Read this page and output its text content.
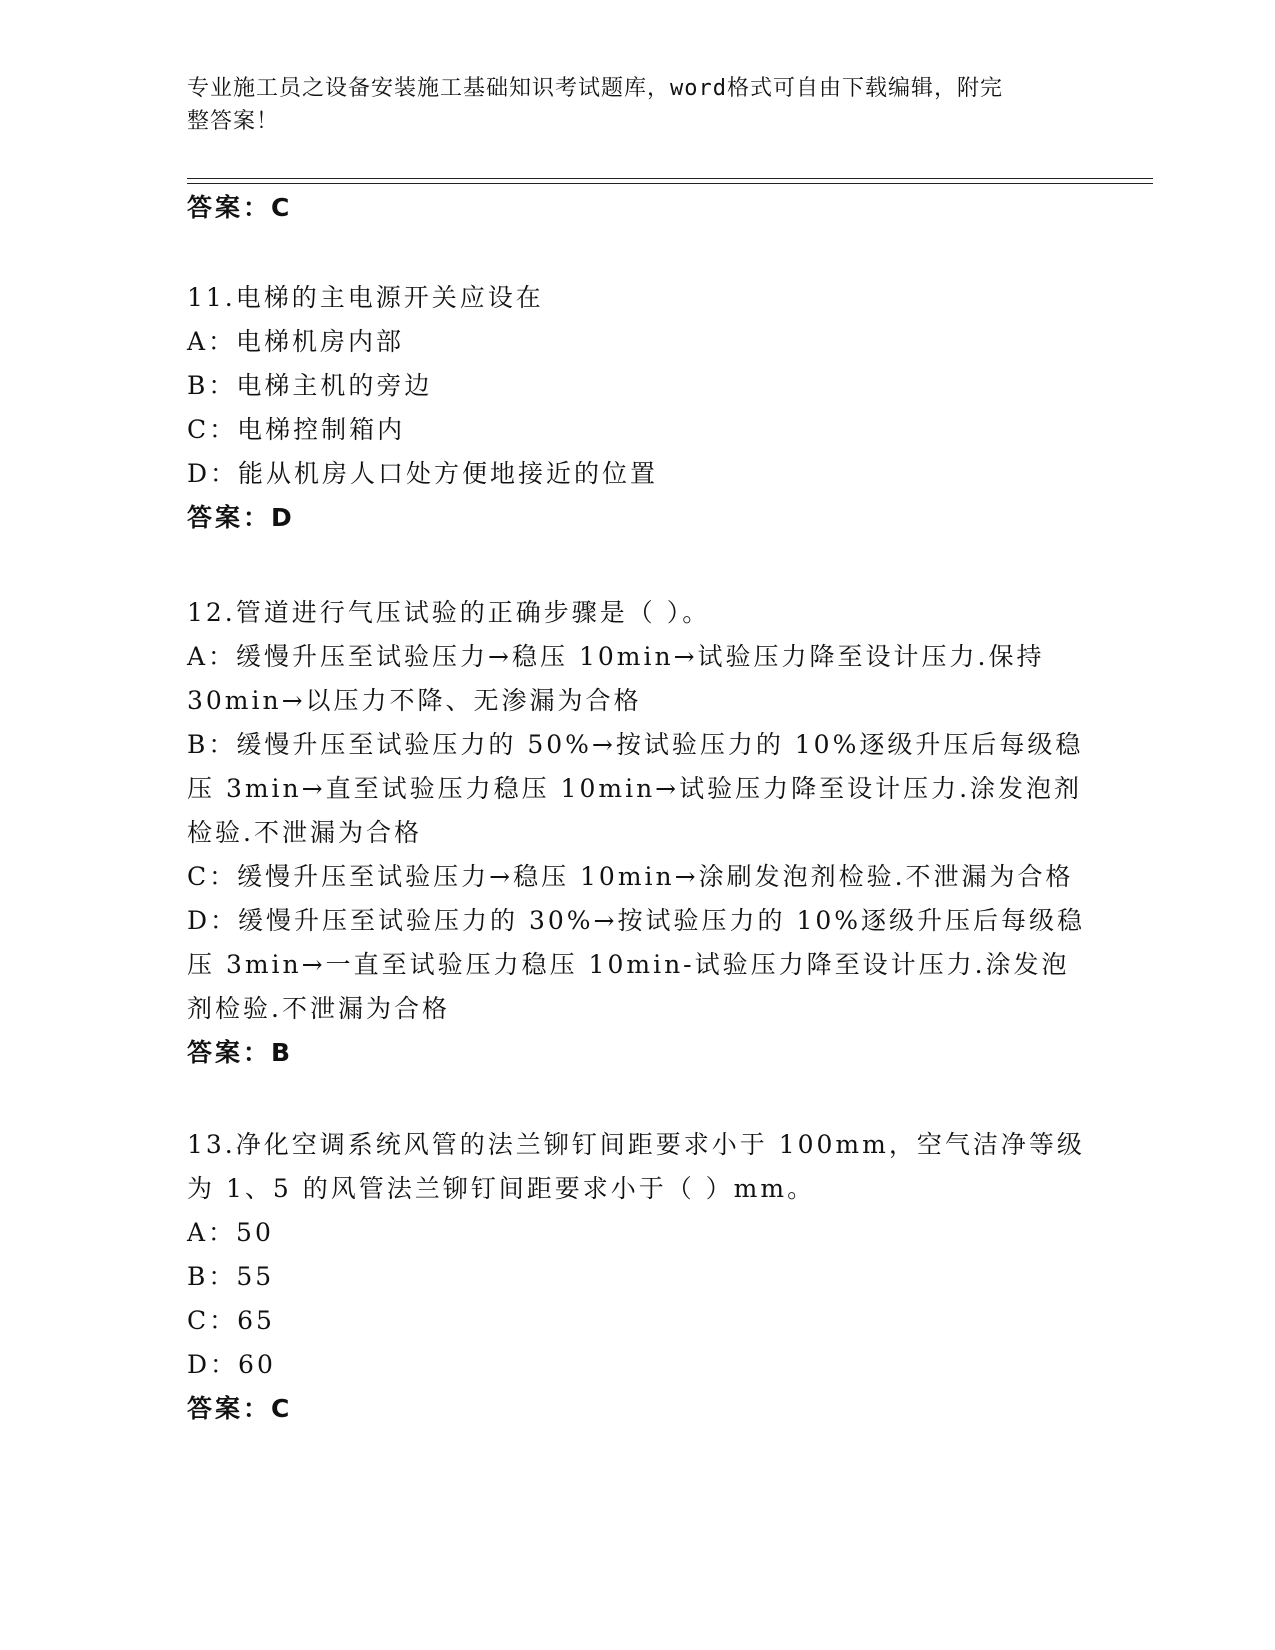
专业施工员之设备安装施工基础知识考试题库，word格式可自由下载编辑，附完
整答案！
答案：C
11.电梯的主电源开关应设在
A：电梯机房内部
B：电梯主机的旁边
C：电梯控制箱内
D：能从机房人口处方便地接近的位置
答案：D
12.管道进行气压试验的正确步骤是（ ）。
A：缓慢升压至试验压力→稳压 10min→试验压力降至设计压力.保持
30min→以压力不降、无渗漏为合格
B：缓慢升压至试验压力的 50%→按试验压力的 10%逐级升压后每级稳
压 3min→直至试验压力稳压 10min→试验压力降至设计压力.涂发泡剂
检验.不泄漏为合格
C：缓慢升压至试验压力→稳压 10min→涂刷发泡剂检验.不泄漏为合格
D：缓慢升压至试验压力的 30%→按试验压力的 10%逐级升压后每级稳
压 3min→一直至试验压力稳压 10min-试验压力降至设计压力.涂发泡
剂检验.不泄漏为合格
答案：B
13.净化空调系统风管的法兰铆钉间距要求小于 100mm，空气洁净等级
为 1、5 的风管法兰铆钉间距要求小于（ ）mm。
A：50
B：55
C：65
D：60
答案：C
